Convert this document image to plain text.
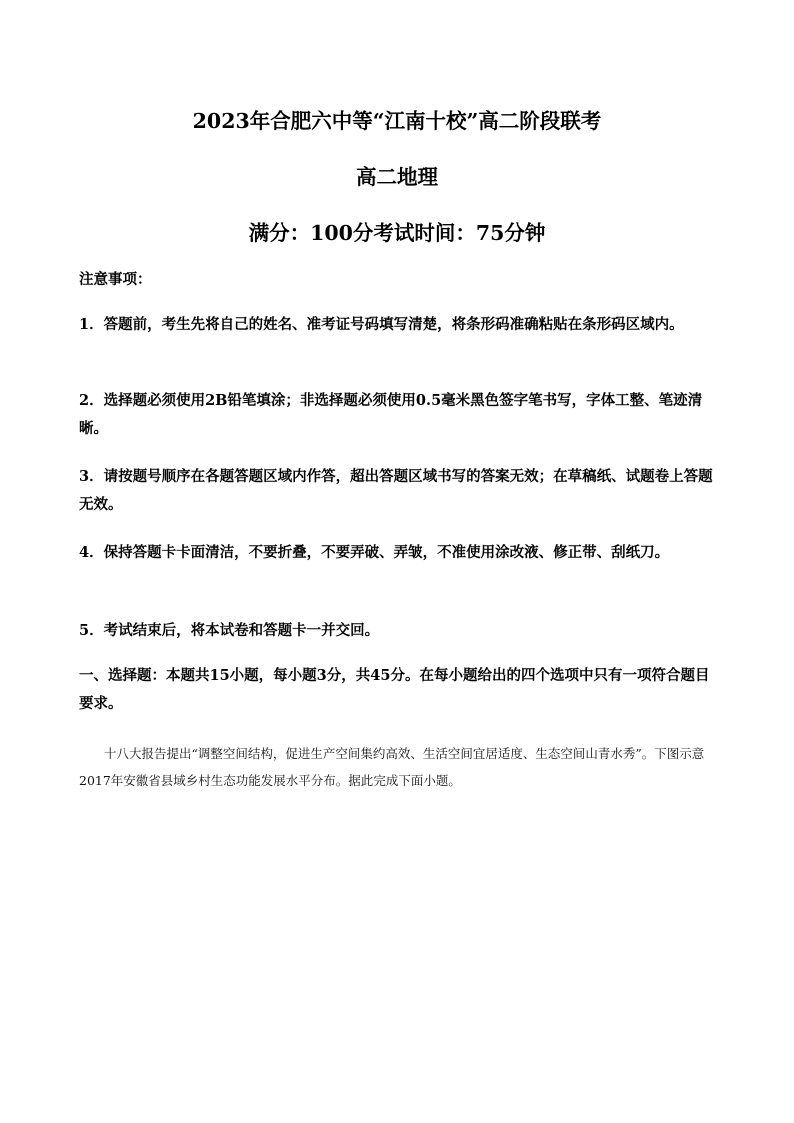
2023年合肥六中等“江南十校”高二阶段联考
高二地理
满分：100分考试时间：75分钟
注意事项：
1．答题前，考生先将自己的姓名、准考证号码填写清楚，将条形码准确粘贴在条形码区域内。
2．选择题必须使用2B铅笔填涂；非选择题必须使用0.5毫米黑色签字笔书写，字体工整、笔迹清晰。
3．请按题号顺序在各题答题区域内作答，超出答题区域书写的答案无效；在草稿纸、试题卷上答题无效。
4．保持答题卡卡面清洁，不要折叠，不要弄破、弄皱，不准使用涂改液、修正带、刮纸刀。
5．考试结束后，将本试卷和答题卡一并交回。
一、选择题：本题共15小题，每小题3分，共45分。在每小题给出的四个选项中只有一项符合题目要求。
十八大报告提出“调整空间结构，促进生产空间集约高效、生活空间宜居适度、生态空间山青水秀”。下图示意2017年安徽省县域乡村生态功能发展水平分布。据此完成下面小题。
